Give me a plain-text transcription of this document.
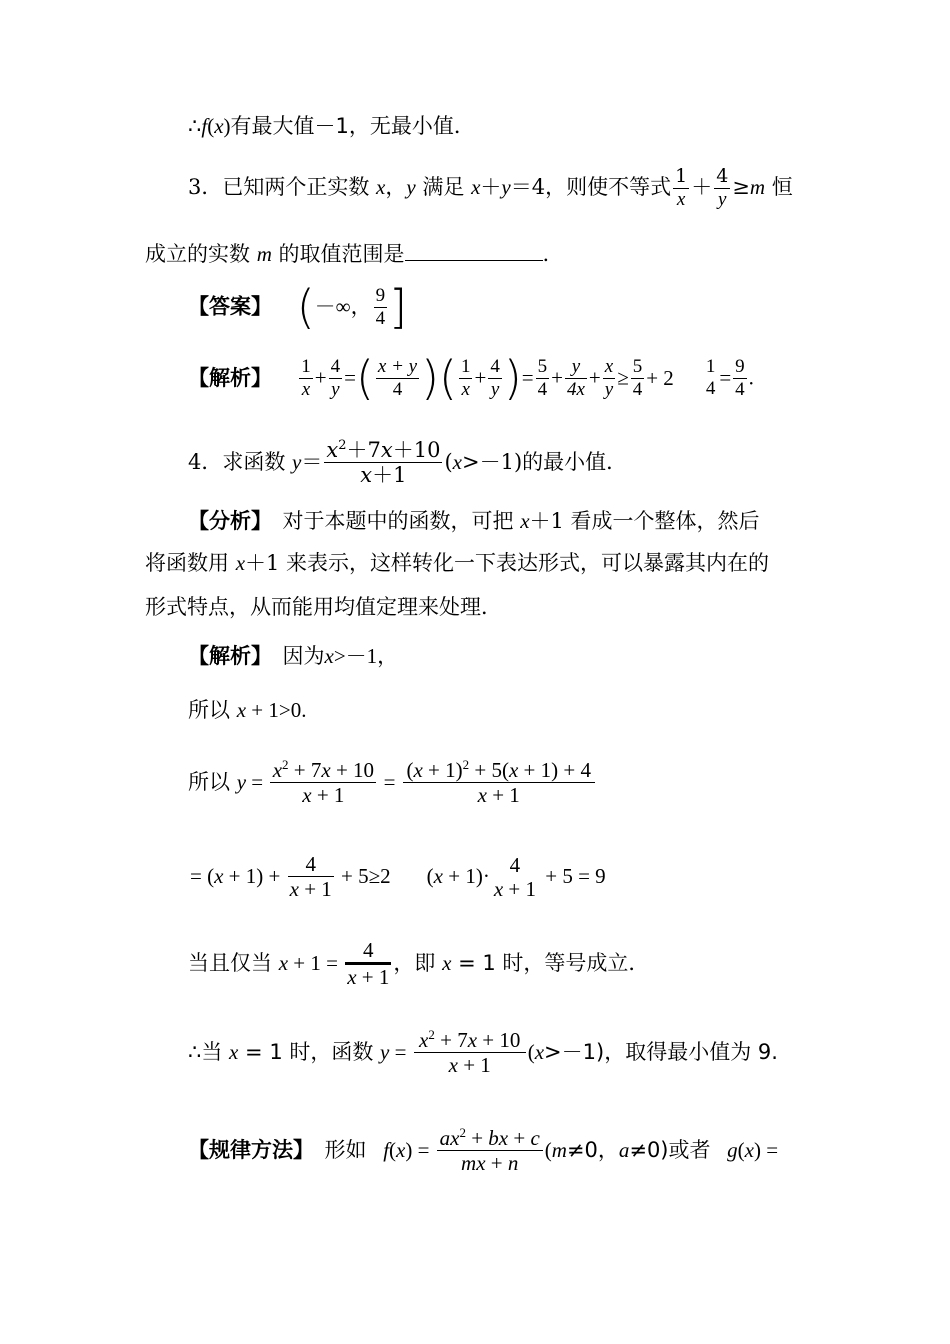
∴f(x)有最大值－1，无最小值．
3．已知两个正实数 x，y 满足 x＋y＝4，则使不等式 $\frac{1}{x} + \frac{4}{y} \ge m$ 恒
成立的实数 m 的取值范围是	.
【答案】 (－∞， $\frac{9}{4}$ ]
【解析】 $\frac{1}{x} + \frac{4}{y}$ =( $\frac{x + y}{4}$ )( $\frac{1}{x} + \frac{4}{y}$ )= $\frac{5}{4} + \frac{y}{4x} + \frac{x}{y} \ge \frac{5}{4} + 2$ 1
$4 = \frac{9}{4}$ .
4．求函数 $y= \frac{x^2+7x+10}{x+1} (x>-1)$的最小值．
【分析】　对于本题中的函数，可把 x＋1 看成一个整体，然后
将函数用 x＋1 来表示，这样转化一下表达形式，可以暴露其内在的
形式特点，从而能用均值定理来处理．
【解析】　因为x>－1，
所以 x + 1>0.
所以 $y = \frac{x^2 + 7x + 10}{x + 1} = \frac{(x + 1)^2 + 5(x + 1) + 4}{x + 1}$
= $(x + 1) + \frac{4}{x + 1} + 5\ge 2$ (x + 1)· 4
x + 1
+ 5 = 9
当且仅当 $x + 1 = \frac{4}{x + 1}$ ，即 x = 1 时，等号成立．
∴当 x = 1 时，函数 $y = \frac{x^2 + 7x + 10}{x + 1} (x>-1)$，取得最小值为 9.
【规律方法】　形如 $f(x) = \frac{ax^2 + bx + c}{mx + n} (m\ne 0$，a≠0)或者 g(x) =
